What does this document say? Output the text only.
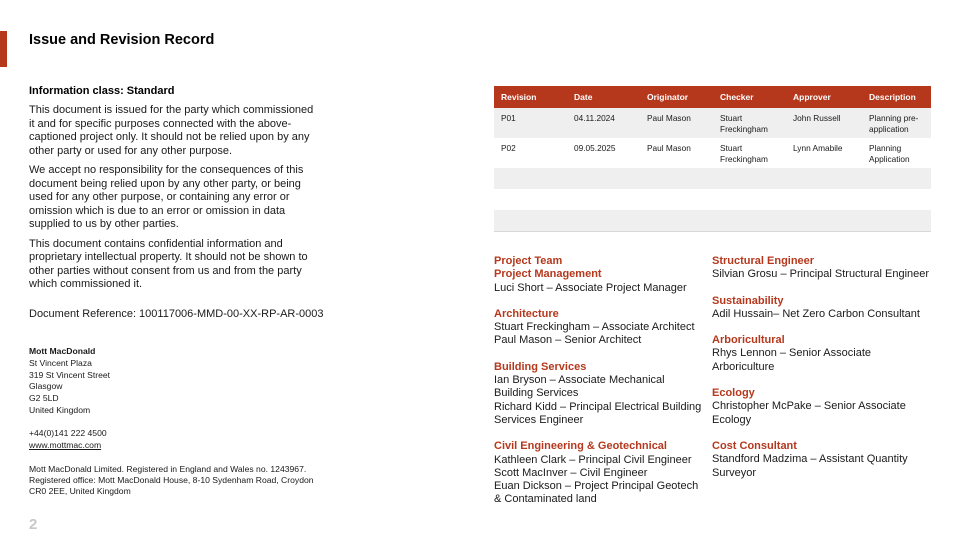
Issue and Revision Record
Information class: Standard

This document is issued for the party which commissioned it and for specific purposes connected with the above-captioned project only. It should not be relied upon by any other party or used for any other purpose.

We accept no responsibility for the consequences of this document being relied upon by any other party, or being used for any other purpose, or containing any error or omission which is due to an error or omission in data supplied to us by other parties.

This document contains confidential information and proprietary intellectual property. It should not be shown to other parties without consent from us and from the party which commissioned it.

Document Reference: 100117006-MMD-00-XX-RP-AR-0003
Mott MacDonald
St Vincent Plaza
319 St Vincent Street
Glasgow
G2 5LD
United Kingdom
+44(0)141 222 4500
www.mottmac.com
Mott MacDonald Limited. Registered in England and Wales no. 1243967. Registered office: Mott MacDonald House, 8-10 Sydenham Road, Croydon CR0 2EE, United Kingdom
2
Revision	Date	Originator	Checker	Approver	Description
P01	04.11.2024	Paul Mason	Stuart Freckingham	John Russell	Planning pre-application
P02	09.05.2025	Paul Mason	Stuart Freckingham	Lynn Amabile	Planning Application

Project Team
Project Management
Luci Short – Associate Project Manager
Architecture
Stuart Freckingham – Associate Architect
Paul Mason – Senior Architect
Building Services
Ian Bryson – Associate Mechanical Building Services
Richard Kidd – Principal Electrical Building Services Engineer
Civil Engineering & Geotechnical
Kathleen Clark – Principal Civil Engineer
Scott MacInver – Civil Engineer
Euan Dickson – Project Principal Geotech & Contaminated land
Structural Engineer
Silvian Grosu – Principal Structural Engineer
Sustainability
Adil Hussain– Net Zero Carbon Consultant
Arboricultural
Rhys Lennon – Senior Associate Arboriculture
Ecology
Christopher McPake – Senior Associate Ecology
Cost Consultant
Standford Madzima – Assistant Quantity Surveyor
